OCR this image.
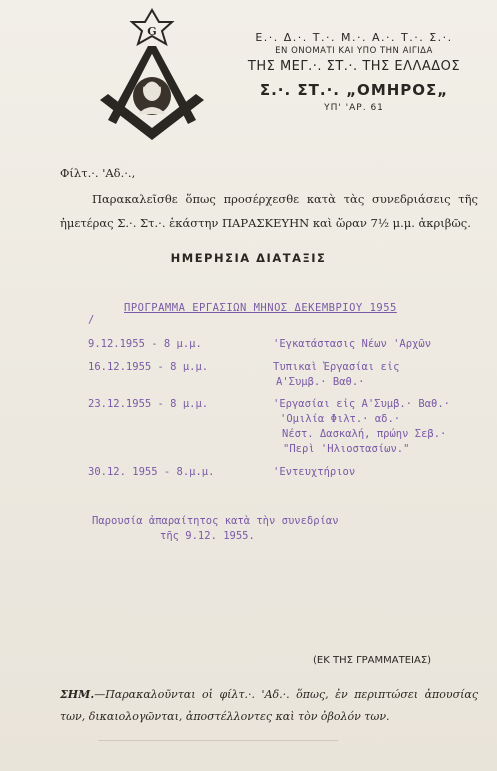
G	Ε.·. Δ.·. Τ.·. Μ.·. Α.·. Τ.·. Σ.·.
ΕΝ ΟΝΟΜΑΤΙ ΚΑΙ ΥΠΟ ΤΗΝ ΑΙΓΙΔΑ
ΤΗΣ ΜΕΓ.·. ΣΤ.·. ΤΗΣ ΕΛΛΑΔΟΣ
Σ.·. ΣΤ.·. „ΟΜΗΡΟΣ„
ΥΠ' 'ΑΡ. 61
Φίλτ.·. 'Αδ.·.,
Παρακαλεῖσθε ὅπως προσέρχεσθε κατὰ τὰς συνεδριάσεις τῆς ἡμετέρας Σ.·. Στ.·. ἑκάστην ΠΑΡΑΣΚΕΥΗΝ καὶ ὥραν 7½ μ.μ. ἀκριβῶς.
ΗΜΕΡΗΣΙΑ ΔΙΑΤΑΞΙΣ
/
ΠΡΟΓΡΑΜΜΑ ΕΡΓΑΣΙΩΝ ΜΗΝΟΣ ΔΕΚΕΜΒΡΙΟΥ 1955
9.12.1955 - 8 μ.μ.	'Εγκατάστασις Νέων 'Αρχῶν
16.12.1955 - 8 μ.μ.	Τυπικαὶ Ἐργασίαι εἰς
Α'Συμβ.· Βαθ.·
23.12.1955 - 8 μ.μ.	'Εργασίαι εἰς Α'Συμβ.· Βαθ.·
'Ομιλία Φιλτ.· αδ.·
Νέστ. Δασκαλή, πρώην Σεβ.·
"Περὶ 'Ηλιοστασίων."
30.12. 1955 - 8.μ.μ.	'Εντευχτήριον
Παρουσία ἀπαραίτητος κατὰ τὴν συνεδρίαν
τῆς 9.12. 1955.
(ΕΚ ΤΗΣ ΓΡΑΜΜΑΤΕΙΑΣ)
ΣΗΜ.—Παρακαλοῦνται οἱ φίλτ.·. 'Αδ.·. ὅπως, ἐν περιπτώσει ἀπουσίας των, δικαιολογῶνται, ἀποστέλλοντες καὶ τὸν ὀβολόν των.
